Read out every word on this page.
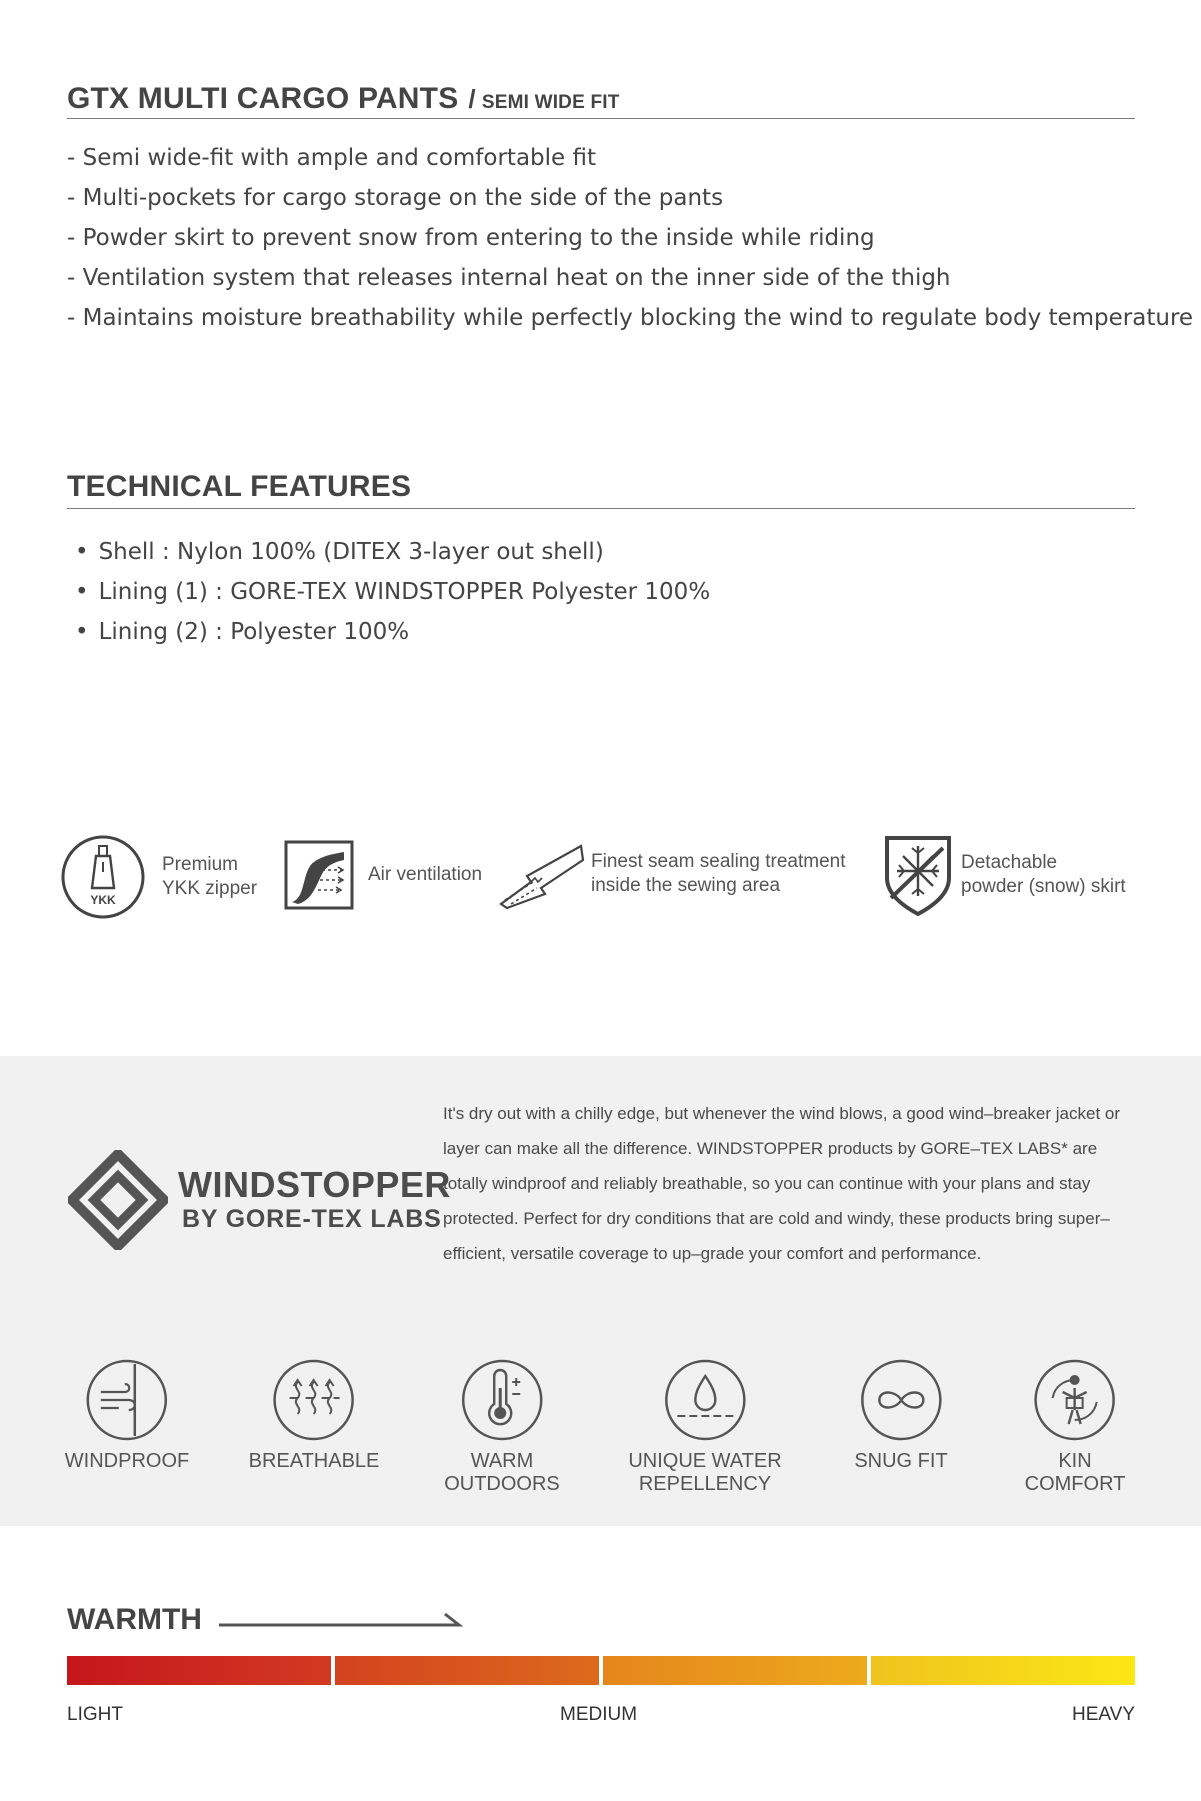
GTX MULTI CARGO PANTS / SEMI WIDE FIT
- Semi wide-fit with ample and comfortable fit
- Multi-pockets for cargo storage on the side of the pants
- Powder skirt to prevent snow from entering to the inside while riding
- Ventilation system that releases internal heat on the inner side of the thigh
- Maintains moisture breathability while perfectly blocking the wind to regulate body temperature
TECHNICAL FEATURES
• Shell : Nylon 100% (DITEX 3-layer out shell)
• Lining (1) : GORE-TEX WINDSTOPPER Polyester 100%
• Lining (2) : Polyester 100%
YKK
Premium
YKK zipper
Air ventilation
Finest seam sealing treatment
inside the sewing area
Detachable
powder (snow) skirt
WINDSTOPPER
BY GORE-TEX LABS
It's dry out with a chilly edge, but whenever the wind blows, a good wind–breaker jacket or layer can make all the difference. WINDSTOPPER products by GORE–TEX LABS* are totally windproof and reliably breathable, so you can continue with your plans and stay protected. Perfect for dry conditions that are cold and windy, these products bring super–efficient, versatile coverage to up–grade your comfort and performance.
WINDPROOF	BREATHABLE	WARM
OUTDOORS
UNIQUE WATER
REPELLENCY
SNUG FIT	KIN
COMFORT
WARMTH
LIGHT	MEDIUM	HEAVY
